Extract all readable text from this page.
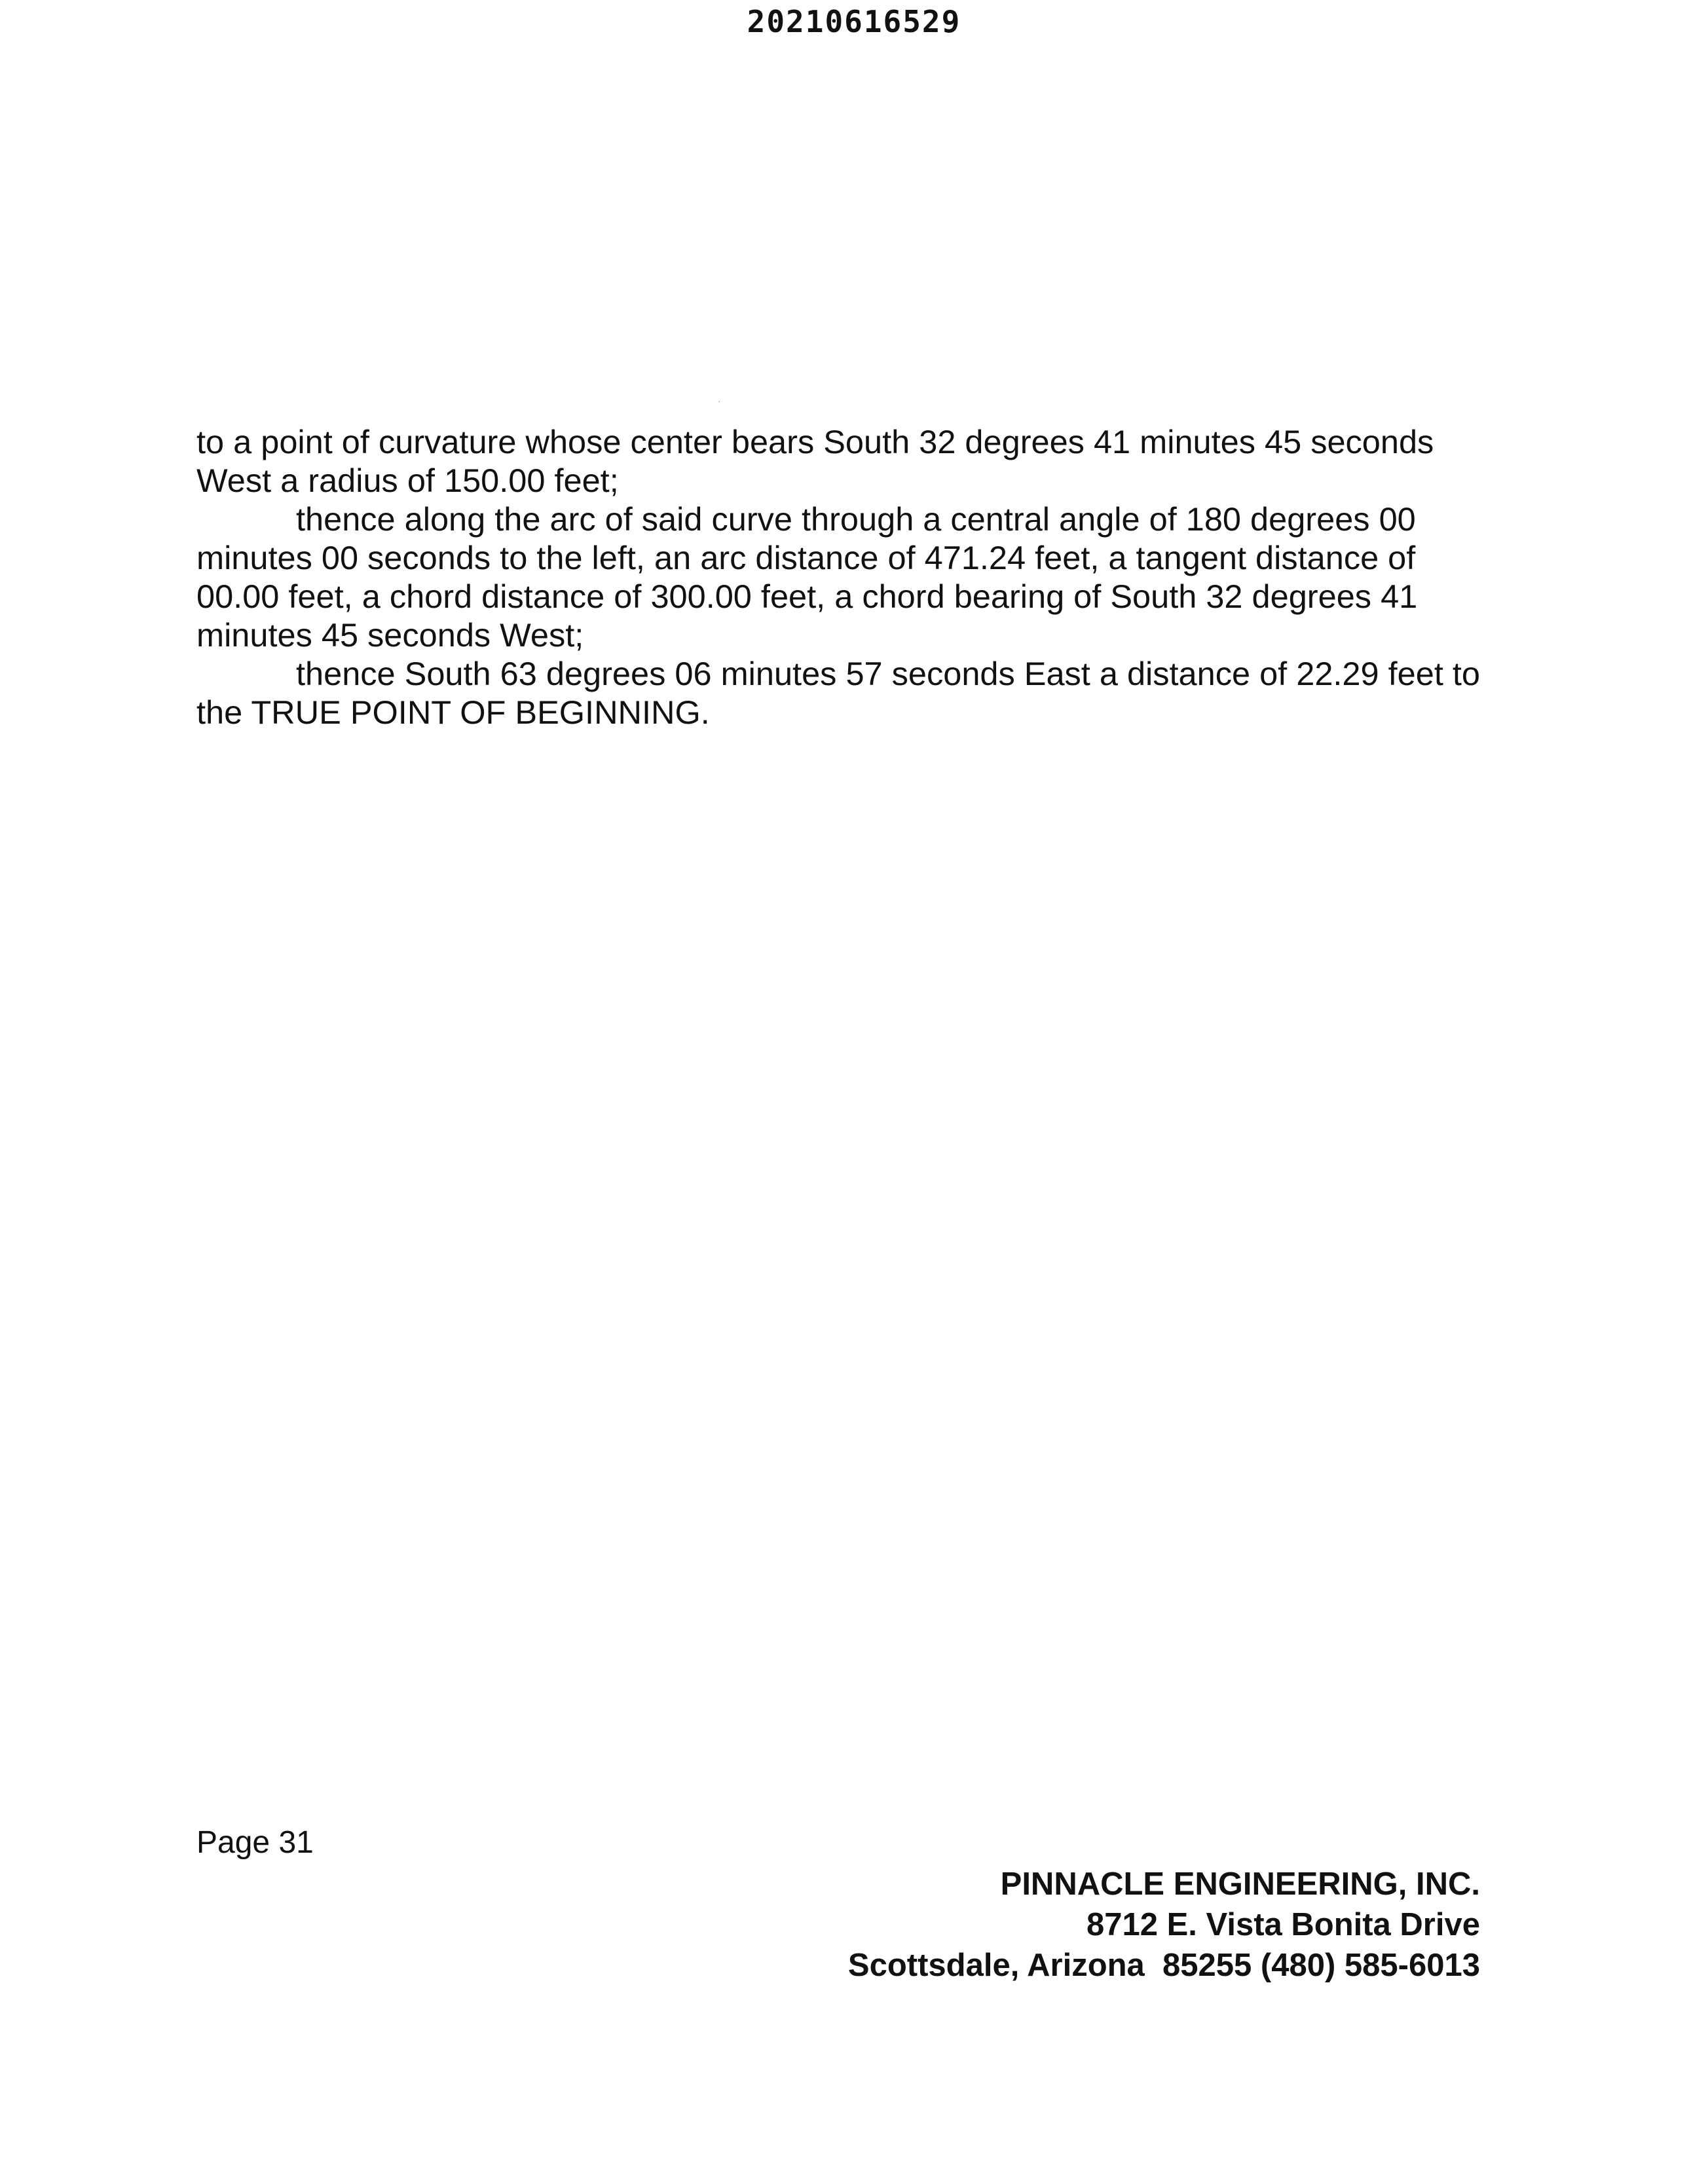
20210616529
·
to a point of curvature whose center bears South 32 degrees 41 minutes 45 seconds
West a radius of 150.00 feet;
thence along the arc of said curve through a central angle of 180 degrees 00
minutes 00 seconds to the left, an arc distance of 471.24 feet, a tangent distance of
00.00 feet, a chord distance of 300.00 feet, a chord bearing of South 32 degrees 41
minutes 45 seconds West;
thence South 63 degrees 06 minutes 57 seconds East a distance of 22.29 feet to
the TRUE POINT OF BEGINNING.
Page 31
PINNACLE ENGINEERING, INC.
8712 E. Vista Bonita Drive
Scottsdale, Arizona  85255 (480) 585-6013
